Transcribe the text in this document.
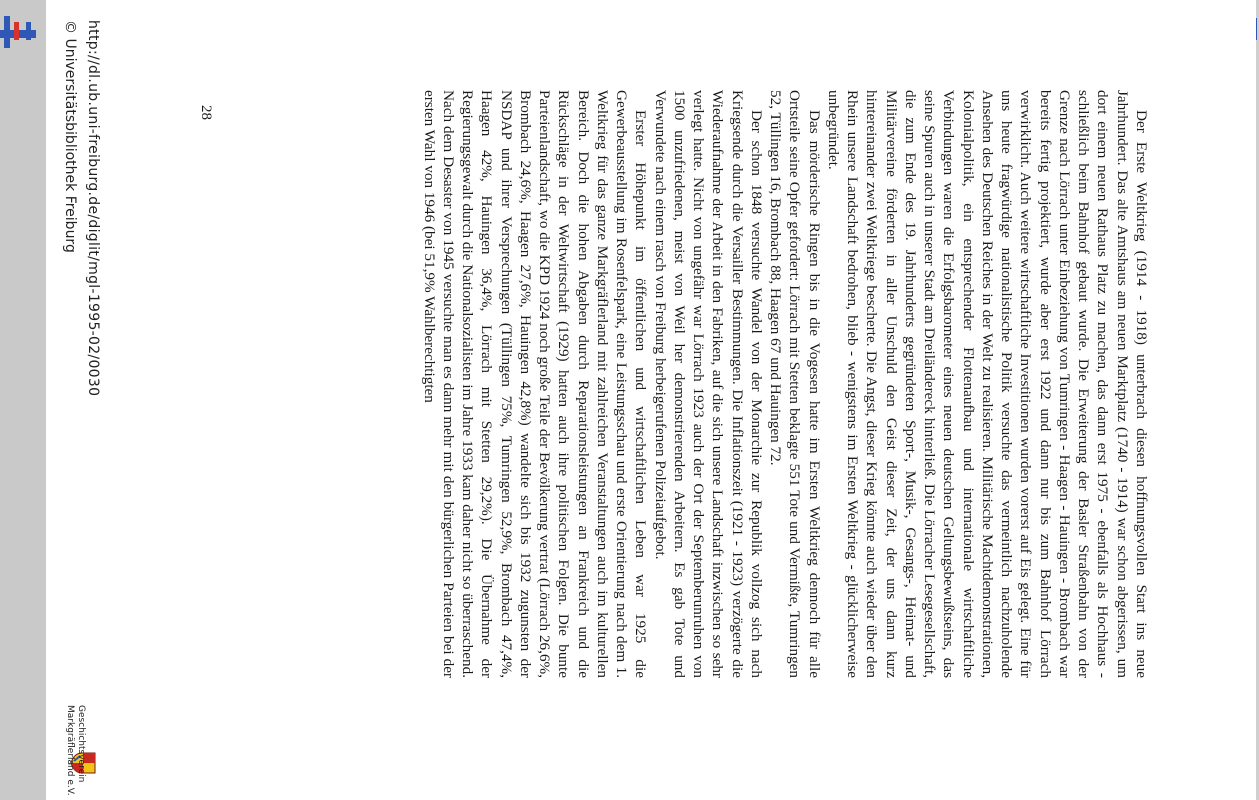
Der Erste Weltkrieg (1914 - 1918) unterbrach diesen hoffnungsvollen Start ins neue Jahrhundert. Das alte Amtshaus am neuen Marktplatz (1740 - 1914) war schon abgerissen, um dort einem neuen Rathaus Platz zu machen, das dann erst 1975 - ebenfalls als Hochhaus - schließlich beim Bahnhof gebaut wurde. Die Erweiterung der Basler Straßenbahn von der Grenze nach Lörrach unter Einbeziehung von Tumringen - Haagen - Hauingen - Brombach war bereits fertig projektiert, wurde aber erst 1922 und dann nur bis zum Bahnhof Lörrach verwirklicht. Auch weitere wirtschaftliche Investitionen wurden vorerst auf Eis gelegt. Eine für uns heute fragwürdige nationalistische Politik versuchte das vermeintlich nachzuholende Ansehen des Deutschen Reiches in der Welt zu realisieren. Militärische Machtdemonstrationen, Kolonialpolitik, ein entsprechender Flottenaufbau und internationale wirtschaftliche Verbindungen waren die Erfolgsbarometer eines neuen deutschen Geltungsbewußtseins, das seine Spuren auch in unserer Stadt am Dreiländereck hinterließ. Die Lörracher Lesegesellschaft, die zum Ende des 19. Jahrhunderts gegründeten Sport-, Musik-, Gesangs-, Heimat- und Militärvereine förderten in aller Unschuld den Geist dieser Zeit, der uns dann kurz hintereinander zwei Weltkriege bescherte. Die Angst, dieser Krieg könnte auch wieder über den Rhein unsere Landschaft bedrohen, blieb - wenigstens im Ersten Weltkrieg - glücklicherweise unbegründet.

Das mörderische Ringen bis in die Vogesen hatte im Ersten Weltkrieg dennoch für alle Ortsteile seine Opfer gefordert: Lörrach mit Stetten beklagte 551 Tote und Vermißte, Tumringen 52, Tüllingen 16, Brombach 88, Haagen 67 und Hauingen 72.

Der schon 1848 versuchte Wandel von der Monarchie zur Republik vollzog sich nach Kriegsende durch die Versailler Bestimmungen. Die Inflationszeit (1921 - 1923) verzögerte die Wiederaufnahme der Arbeit in den Fabriken, auf die sich unsere Landschaft inzwischen so sehr verlegt hatte. Nicht von ungefähr war Lörrach 1923 auch der Ort der Septemberunruhen von 1500 unzufriedenen, meist von Weil her demonstrierenden Arbeitern. Es gab Tote und Verwundete nach einem rasch von Freiburg herbeigerufenen Polizeiaufgebot.

Erster Höhepunkt im öffentlichen und wirtschaftlichen Leben war 1925 die Gewerbeausstellung im Rosenfelspark, eine Leistungsschau und erste Orientierung nach dem 1. Weltkrieg für das ganze Markgräflerland mit zahlreichen Veranstaltungen auch im kulturellen Bereich. Doch die hohen Abgaben durch Reparationsleistungen an Frankreich und die Rückschläge in der Weltwirtschaft (1929) hatten auch ihre politischen Folgen. Die bunte Parteienlandschaft, wo die KPD 1924 noch große Teile der Bevölkerung vertrat (Lörrach 26,6%, Brombach 24,6%, Haagen 27,6%, Hauingen 42,8%) wandelte sich bis 1932 zugunsten der NSDAP und ihrer Versprechungen (Tüllingen 75%, Tumringen 52,9%, Brombach 47,4%, Haagen 42%, Hauingen 36,4%, Lörrach mit Stetten 29,2%). Die Übernahme der Regierungsgewalt durch die Nationalsozialisten im Jahre 1933 kam daher nicht so überraschend. Nach dem Desaster von 1945 versuchte man es dann mehr mit den bürgerlichen Parteien bei der ersten Wahl von 1946 (bei 51,9% Wahlberechtigten

28
http://dl.ub.uni-freiburg.de/diglit/mgl-1995-02/0030
© Universitätsbibliothek Freiburg
Geschichtsverein
Markgräflerland e.V.
